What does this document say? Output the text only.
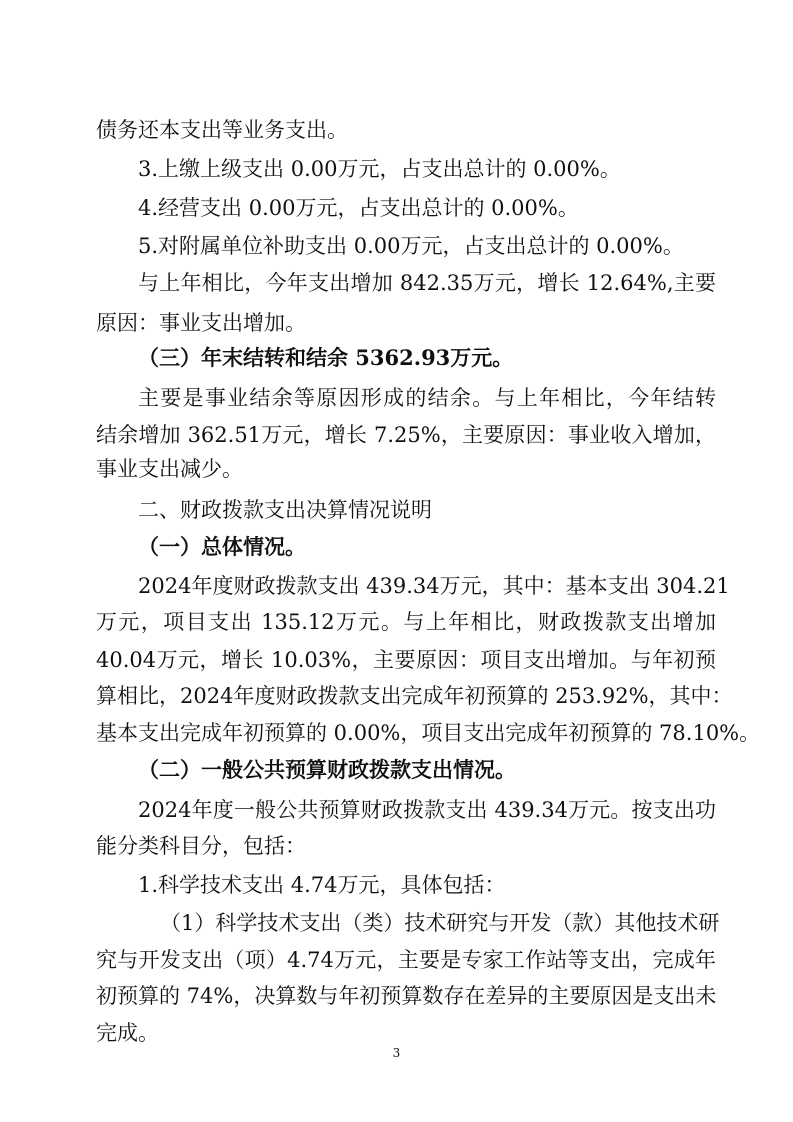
债务还本支出等业务支出。
3.上缴上级支出 0.00万元，占支出总计的 0.00%。
4.经营支出 0.00万元，占支出总计的 0.00%。
5.对附属单位补助支出 0.00万元，占支出总计的 0.00%。
与上年相比，今年支出增加 842.35万元，增长 12.64%,主要
原因：事业支出增加。
（三）年末结转和结余 5362.93万元。
主要是事业结余等原因形成的结余。与上年相比，今年结转
结余增加 362.51万元，增长 7.25%，主要原因：事业收入增加，
事业支出减少。
二、财政拨款支出决算情况说明
（一）总体情况。
2024年度财政拨款支出 439.34万元，其中：基本支出 304.21
万元，项目支出 135.12万元。与上年相比，财政拨款支出增加
40.04万元，增长 10.03%，主要原因：项目支出增加。与年初预
算相比，2024年度财政拨款支出完成年初预算的 253.92%，其中：
基本支出完成年初预算的 0.00%，项目支出完成年初预算的 78.10%。
（二）一般公共预算财政拨款支出情况。
2024年度一般公共预算财政拨款支出 439.34万元。按支出功
能分类科目分，包括：
1.科学技术支出 4.74万元，具体包括：
（1）科学技术支出（类）技术研究与开发（款）其他技术研
究与开发支出（项）4.74万元，主要是专家工作站等支出，完成年
初预算的 74%，决算数与年初预算数存在差异的主要原因是支出未
完成。
3
